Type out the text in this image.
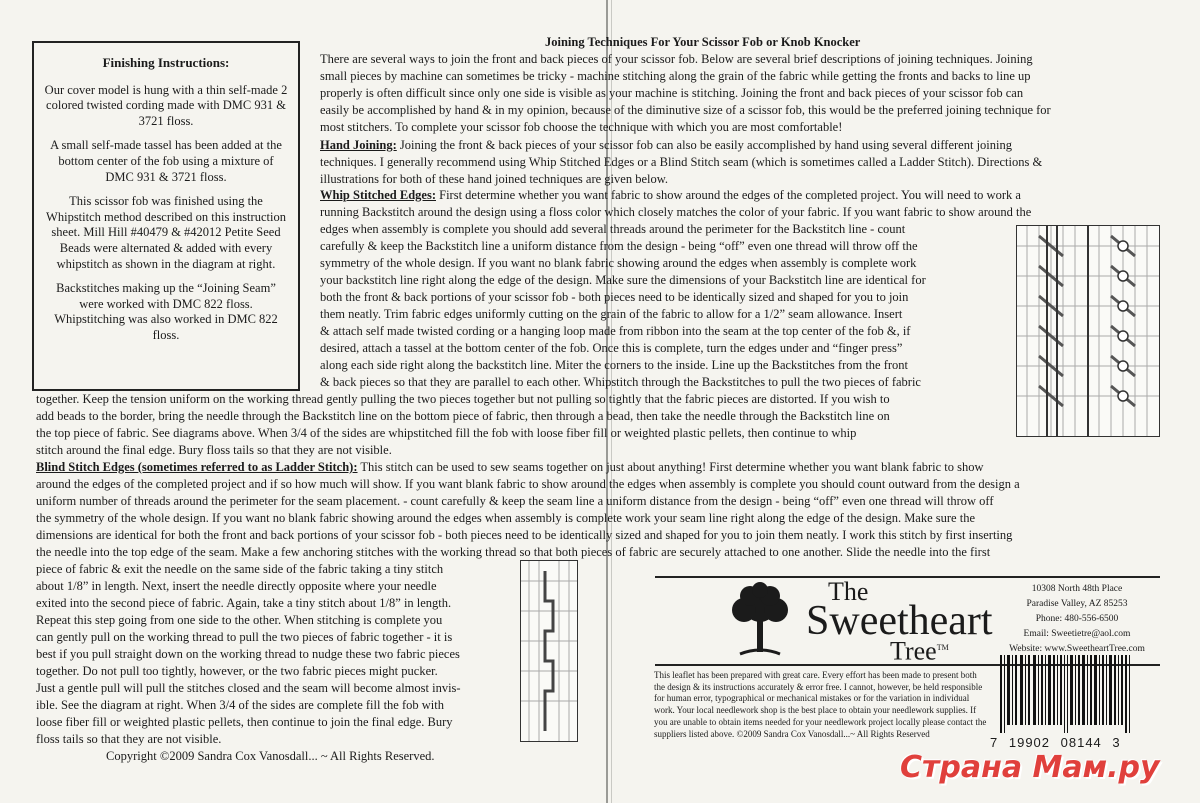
Finishing Instructions:

Our cover model is hung with a thin self-made 2 colored twisted cording made with DMC 931 & 3721 floss.

A small self-made tassel has been added at the bottom center of the fob using a mixture of DMC 931 & 3721 floss.

This scissor fob was finished using the Whipstitch method described on this instruction sheet. Mill Hill #40479 & #42012 Petite Seed Beads were alternated & added with every whipstitch as shown in the diagram at right.

Backstitches making up the “Joining Seam” were worked with DMC 822 floss. Whipstitching was also worked in DMC 822 floss.

Joining Techniques For Your Scissor Fob or Knob Knocker
There are several ways to join the front and back pieces of your scissor fob. Below are several brief descriptions of joining techniques. Joining
small pieces by machine can sometimes be tricky - machine stitching along the grain of the fabric while getting the fronts and backs to line up
properly is often difficult since only one side is visible as your machine is stitching. Joining the front and back pieces of your scissor fob can
easily be accomplished by hand & in my opinion, because of the diminutive size of a scissor fob, this would be the preferred joining technique for
most stitchers. To complete your scissor fob choose the technique with which you are most comfortable!
Hand Joining: Joining the front & back pieces of your scissor fob can also be easily accomplished by hand using several different joining
techniques. I generally recommend using Whip Stitched Edges or a Blind Stitch seam (which is sometimes called a Ladder Stitch). Directions &
illustrations for both of these hand joined techniques are given below.
Whip Stitched Edges: First determine whether you want fabric to show around the edges of the completed project. You will need to work a
running Backstitch around the design using a floss color which closely matches the color of your fabric. If you want fabric to show around the
edges when assembly is complete you should add several threads around the perimeter for the Backstitch line - count
carefully & keep the Backstitch line a uniform distance from the design - being “off” even one thread will throw off the
symmetry of the whole design. If you want no blank fabric showing around the edges when assembly is complete work
your backstitch line right along the edge of the design. Make sure the dimensions of your Backstitch line are identical for
both the front & back portions of your scissor fob - both pieces need to be identically sized and shaped for you to join
them neatly. Trim fabric edges uniformly cutting on the grain of the fabric to allow for a 1/2” seam allowance. Insert
& attach self made twisted cording or a hanging loop made from ribbon into the seam at the top center of the fob &, if
desired, attach a tassel at the bottom center of the fob. Once this is complete, turn the edges under and “finger press”
along each side right along the backstitch line. Miter the corners to the inside. Line up the Backstitches from the front
& back pieces so that they are parallel to each other. Whipstitch through the Backstitches to pull the two pieces of fabric
together. Keep the tension uniform on the working thread gently pulling the two pieces together but not pulling so tightly that the fabric pieces are distorted. If you wish to
add beads to the border, bring the needle through the Backstitch line on the bottom piece of fabric, then through a bead, then take the needle through the Backstitch line on
the top piece of fabric. See diagrams above. When 3/4 of the sides are whipstitched fill the fob with loose fiber fill or weighted plastic pellets, then continue to whip
stitch around the final edge. Bury floss tails so that they are not visible.
Blind Stitch Edges (sometimes referred to as Ladder Stitch): This stitch can be used to sew seams together on just about anything! First determine whether you want blank fabric to show
around the edges of the completed project and if so how much will show. If you want blank fabric to show around the edges when assembly is complete you should count outward from the design a
uniform number of threads around the perimeter for the seam placement. - count carefully & keep the seam line a uniform distance from the design - being “off” even one thread will throw off
the symmetry of the whole design. If you want no blank fabric showing around the edges when assembly is complete work your seam line right along the edge of the design. Make sure the
dimensions are identical for both the front and back portions of your scissor fob - both pieces need to be identically sized and shaped for you to join them neatly. I work this stitch by first inserting
the needle into the top edge of the seam. Make a few anchoring stitches with the working thread so that both pieces of fabric are securely attached to one another. Slide the needle into the first
piece of fabric & exit the needle on the same side of the fabric taking a tiny stitch
about 1/8” in length. Next, insert the needle directly opposite where your needle
exited into the second piece of fabric. Again, take a tiny stitch about 1/8” in length.
Repeat this step going from one side to the other. When stitching is complete you
can gently pull on the working thread to pull the two pieces of fabric together - it is
best if you pull straight down on the working thread to nudge these two fabric pieces
together. Do not pull too tightly, however, or the two fabric pieces might pucker.
Just a gentle pull will pull the stitches closed and the seam will become almost invis-
ible. See the diagram at right. When 3/4 of the sides are complete fill the fob with
loose fiber fill or weighted plastic pellets, then continue to join the final edge. Bury
floss tails so that they are not visible.
Copyright ©2009 Sandra Cox Vanosdall... ~ All Rights Reserved.
The
Sweetheart
Tree™
10308 North 48th Place
Paradise Valley, AZ 85253
Phone: 480-556-6500
Email: Sweetietre@aol.com
Website: www.SweetheartTree.com
This leaflet has been prepared with great care. Every effort has been made to present both the design & its instructions accurately & error free. I cannot, however, be held responsible for human error, typographical or mechanical mistakes or for the variation in individual work. Your local needlework shop is the best place to obtain your needlework supplies. If you are unable to obtain items needed for your needlework project locally please contact the suppliers listed above. ©2009 Sandra Cox Vanosdall...~ All Rights Reserved
7 19902 08144 3
Страна Мам.ру
